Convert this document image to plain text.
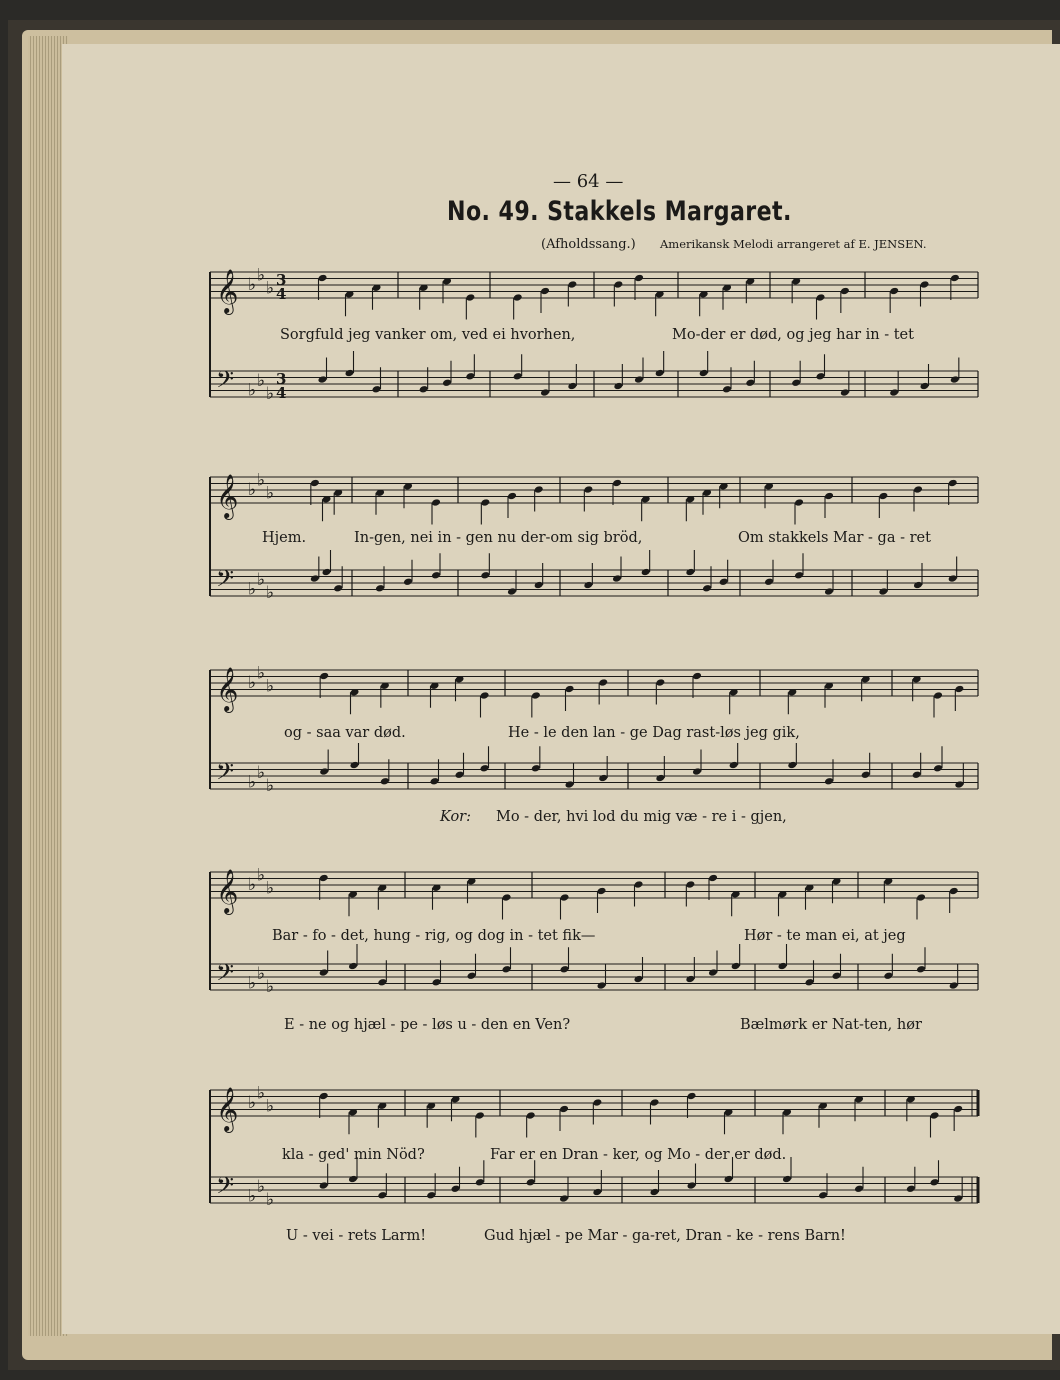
— 64 —
No. 49. Stakkels Margaret.
(Afholdssang.) Amerikansk Melodi arrangeret af E. JENSEN.
𝄞 ♭ ♭
♭ 3
4
𝄢 ♭ ♭
♭
3
4
𝄞 ♭ ♭
♭
𝄢 ♭ ♭
♭
𝄞 ♭ ♭
♭
𝄢 ♭ ♭
♭
𝄞 ♭ ♭
♭
𝄢 ♭ ♭
♭
𝄞 ♭ ♭
♭
𝄢 ♭ ♭
♭
Sorgfuld jeg vanker om, ved ei hvorhen,	Mo-der er død, og jeg har in - tet
Hjem.	In-gen, nei in - gen nu der-om sig bröd,	Om stakkels Mar - ga - ret
og - saa var død.	He - le den lan - ge Dag rast-løs jeg gik,
Kor: Mo - der, hvi lod du mig væ - re i - gjen,
Bar - fo - det, hung - rig, og dog in - tet fik—	Hør - te man ei, at jeg
E - ne og hjæl - pe - løs u - den en Ven?	Bælmørk er Nat-ten, hør
kla - ged' min Nöd?	Far er en Dran - ker, og Mo - der er død.
U - vei - rets Larm!	Gud hjæl - pe Mar - ga-ret, Dran - ke - rens Barn!
